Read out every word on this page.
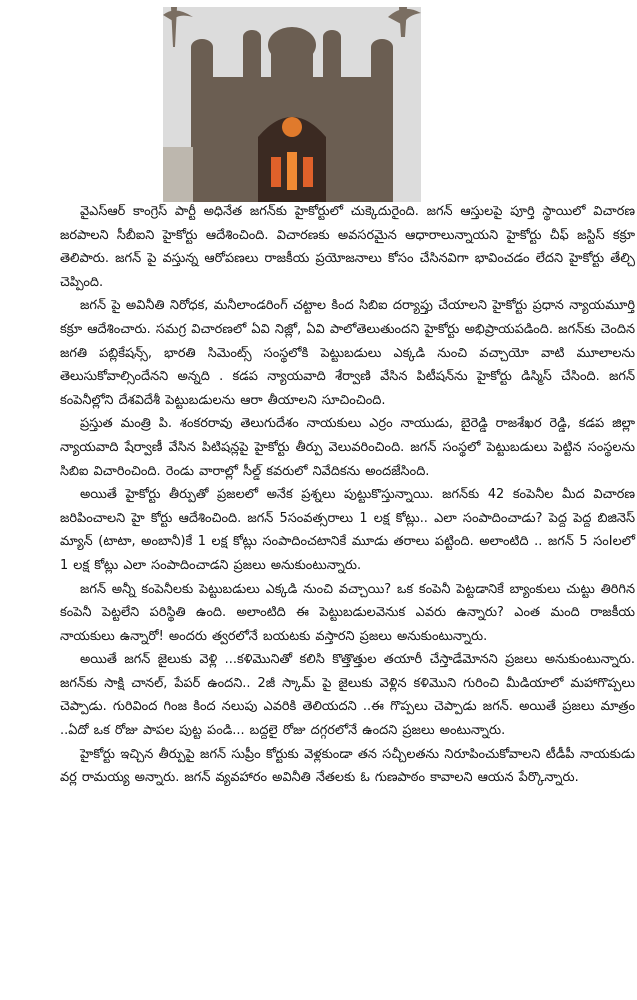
వైఎస్ఆర్ కాంగ్రెస్ పార్టీ అధినేత జగన్‌కు హైకోర్టులో చుక్కెదురైంది. జగన్ ఆస్తులపై పూర్తి స్థాయిలో విచారణ జరపాలని సీబీఐని హైకోర్టు ఆదేశించింది. విచారణకు అవసరమైన ఆధారాలున్నాయని హైకోర్టు చీఫ్ జస్టిస్ కక్రూ తెలిపారు. జగన్ పై వస్తున్న ఆరోపణలు రాజకీయ ప్రయోజనాలు కోసం చేసినవిగా భావించడం లేదని హైకోర్టు తేల్చి చెప్పింది.

జగన్ పై అవినీతి నిరోధక, మనీలాండరింగ్ చట్టాల కింద సిబిఐ దర్యాప్తు చేయాలని హైకోర్టు ప్రధాన న్యాయమూర్తి కక్రూ ఆదేశించారు. సమగ్ర విచారణలో ఏవి నిజ్లో, ఏవి పాలోతెలుతుందని హైకోర్టు అభిప్రాయపడింది. జగన్‌కు చెందిన జగతి పబ్లికేషన్స్, భారతి సిమెంట్స్ సంస్థలోకి పెట్టుబడులు ఎక్కడి నుంచి వచ్చాయో వాటి మూలాలను తెలుసుకోవాల్సిందేనని అన్నది . కడప న్యాయవాది శేర్వాణి వేసిన పిటీషన్‌ను హైకోర్టు డిస్మిస్ చేసింది. జగన్ కంపెనీల్లోని దేశవిదేశీ పెట్టుబడులను ఆరా తీయాలని సూచించింది.

ప్రస్తుత మంత్రి పి. శంకరరావు తెలుగుదేశం నాయకులు ఎర్రం నాయుడు, బైరెడ్డి రాజశేఖర రెడ్డి, కడప జిల్లా న్యాయవాది షేర్వాణీ వేసిన పిటిషన్లపై హైకోర్టు తీర్పు వెలువరించింది. జగన్ సంస్థలో పెట్టుబడులు పెట్టిన సంస్థలను సిబిఐ విచారించింది. రెండు వారాల్లో సీల్డ్ కవరులో నివేదికను అందజేసింది.

అయితే హైకోర్టు తీర్పుతో ప్రజలలో అనేక ప్రశ్నలు పుట్టుకొస్తున్నాయి. జగన్‌కు 42 కంపెనీల మీద విచారణ జరిపించాలని హై కోర్టు ఆదేశించింది. జగన్ 5సంవత్సరాలు 1 లక్ష కోట్లు.. ఎలా సంపాదించాడు? పెద్ద పెద్ద బిజినెస్ మ్యాన్ (టాటా, అంబానీ)కే 1 లక్ష కోట్లు సంపాదించటానికే మూడు తరాలు పట్టింది. అలాంటిది .. జగన్ 5 సంIలలో 1 లక్ష కోట్లు ఎలా సంపాదించాడని ప్రజలు అనుకుంటున్నారు.

జగన్ అన్నీ కంపెనీలకు పెట్టుబడులు ఎక్కడి నుంచి వచ్చాయి? ఒక కంపెనీ పెట్టడానికే బ్యాంకులు చుట్టు తిరిగిన కంపెనీ పెట్టలేని పరిస్థితి ఉంది. అలాంటిది ఈ పెట్టుబడులవెనుక ఎవరు ఉన్నారు? ఎంత మంది రాజకీయ నాయకులు ఉన్నారో! అందరు త్వరలోనే బయటకు వస్తారని ప్రజలు అనుకుంటున్నారు.

అయితే జగన్ జైలుకు వెళ్లి ...కళిమొనితో కలిసి కొత్తొత్తుల తయారీ చేస్తాడేమోనని ప్రజలు అనుకుంటున్నారు. జగన్‌కు సాక్షి చానల్, పేపర్ ఉందని.. 2జీ స్కామ్ పై జైలుకు వెళ్లిన కళిమొని గురించి మీడియాలో మహాగొప్పలు చెప్పాడు. గురివింద గింజ కింద నలుపు ఎవరికి తెలియదని ..ఈ గొప్పలు చెప్పాడు జగన్. అయితే ప్రజలు మాత్రం ..ఏదో ఒక రోజు పాపల పుట్ట పండి... బద్దలై రోజు దగ్గరలోనే ఉందని ప్రజలు అంటున్నారు.

హైకోర్టు ఇచ్చిన తీర్పుపై జగన్ సుప్రీం కోర్టుకు వెళ్లకుండా తన సచ్చీలతను నిరూపించుకోవాలని టీడీపీ నాయకుడు వర్ల రామయ్య అన్నారు. జగన్ వ్యవహారం అవినీతి నేతలకు ఓ గుణపాఠం కావాలని ఆయన పేర్కొన్నారు.
